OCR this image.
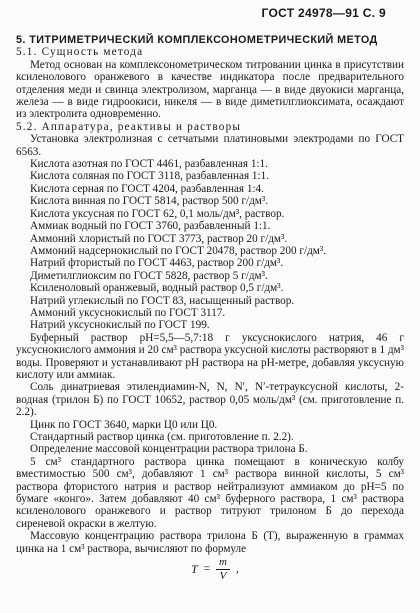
ГОСТ 24978—91 С. 9

5. ТИТРИМЕТРИЧЕСКИЙ КОМПЛЕКСОНОМЕТРИЧЕСКИЙ МЕТОД

5.1. Сущность метода

Метод основан на комплексонометрическом титровании цинка в присутствии ксиленолового оранжевого в качестве индикатора после предварительного отделения меди и свинца электролизом, марганца — в виде двуокиси марганца, железа — в виде гидроокиси, никеля — в виде диметилглиоксимата, осаждают из электролита одновременно.

5.2. Аппаратура, реактивы и растворы

Установка электролизная с сетчатыми платиновыми электродами по ГОСТ 6563.

Кислота азотная по ГОСТ 4461, разбавленная 1:1.

Кислота соляная по ГОСТ 3118, разбавленная 1:1.

Кислота серная по ГОСТ 4204, разбавленная 1:4.

Кислота винная по ГОСТ 5814, раствор 500 г/дм³.

Кислота уксусная по ГОСТ 62, 0,1 моль/дм³, раствор.

Аммиак водный по ГОСТ 3760, разбавленный 1:1.

Аммоний хлористый по ГОСТ 3773, раствор 20 г/дм³.

Аммоний надсернокислый по ГОСТ 20478, раствор 200 г/дм³.

Натрий фтористый по ГОСТ 4463, раствор 200 г/дм³.

Диметилглиоксим по ГОСТ 5828, раствор 5 г/дм³.

Ксиленоловый оранжевый, водный раствор 0,5 г/дм³.

Натрий углекислый по ГОСТ 83, насыщенный раствор.

Аммоний уксуснокислый по ГОСТ 3117.

Натрий уксуснокислый по ГОСТ 199.

Буферный раствор pH=5,5—5,7:18 г уксуснокислого натрия, 46 г уксуснокислого аммония и 20 см³ раствора уксусной кислоты растворяют в 1 дм³ воды. Проверяют и устанавливают pH раствора на pH-метре, добавляя уксусную кислоту или аммиак.

Соль динатриевая этилендиамин-N, N, N′, N′-тетрауксусной кислоты, 2-водная (трилон Б) по ГОСТ 10652, раствор 0,05 моль/дм³ (см. приготовление п. 2.2).

Цинк по ГОСТ 3640, марки Ц0 или Ц0.

Стандартный раствор цинка (см. приготовление п. 2.2).

Определение массовой концентрации раствора трилона Б.

5 см³ стандартного раствора цинка помещают в коническую колбу вместимостью 500 см³, добавляют 1 см³ раствора винной кислоты, 5 см³ раствора фтористого натрия и раствор нейтрализуют аммиаком до pH=5 по бумаге «конго». Затем добавляют 40 см³ буферного раствора, 1 см³ раствора ксиленолового оранжевого и раствор титруют трилоном Б до перехода сиреневой окраски в желтую.

Массовую концентрацию раствора трилона Б (T), выраженную в граммах цинка на 1 см³ раствора, вычисляют по формуле

$T = \frac{m}{V}$ ,
